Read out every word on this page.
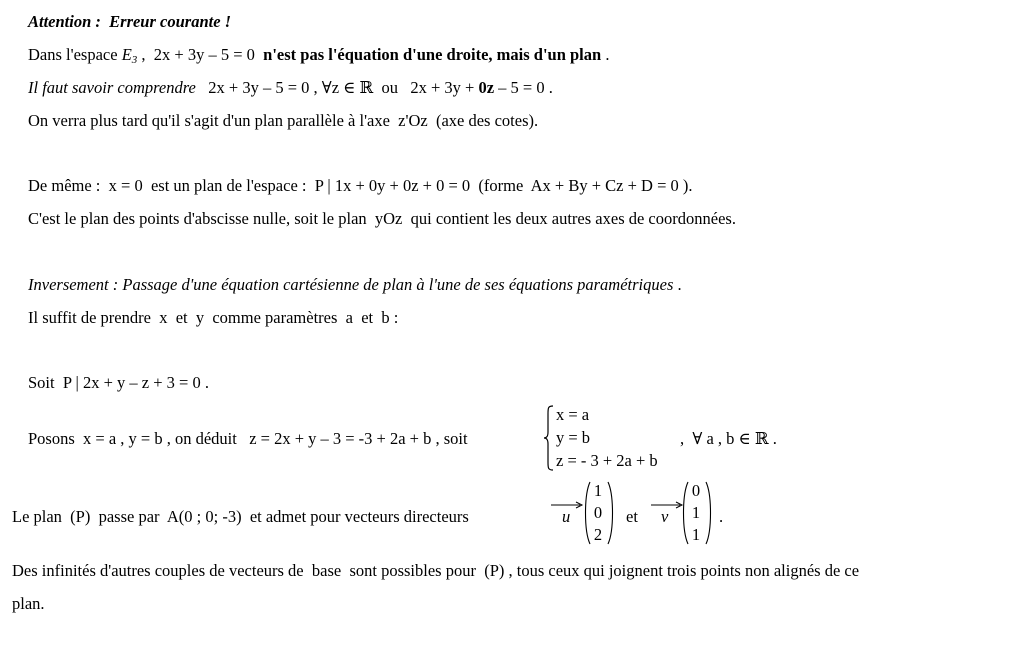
Attention :  Erreur courante !
Dans l'espace E3 ,  2x + 3y – 5 = 0  n'est pas l'équation d'une droite, mais d'un plan .
Il faut savoir comprendre   2x + 3y – 5 = 0 , ∀z ∈ ℝ  ou   2x + 3y + 0z – 5 = 0 .
On verra plus tard qu'il s'agit d'un plan parallèle à l'axe  z'Oz  (axe des cotes).
De même :  x = 0  est un plan de l'espace :  P | 1x + 0y + 0z + 0 = 0  (forme  Ax + By + Cz + D = 0 ).
C'est le plan des points d'abscisse nulle, soit le plan  yOz  qui contient les deux autres axes de coordonnées.
Inversement : Passage d'une équation cartésienne de plan à l'une de ses équations paramétriques .
Il suffit de prendre  x  et  y  comme paramètres  a  et  b :
Soit  P | 2x + y – z + 3 = 0 .
Posons  x = a , y = b , on déduit   z = 2x + y – 3 = -3 + 2a + b , soit
x = a
y = b
z = - 3 + 2a + b
,  ∀ a , b ∈ ℝ .
Le plan  (P)  passe par  A(0 ; 0; -3)  et admet pour vecteurs directeurs	u
1
0
2
et v
0
1
1
.
Des infinités d'autres couples de vecteurs de  base  sont possibles pour  (P) , tous ceux qui joignent trois points non alignés de ce
plan.
